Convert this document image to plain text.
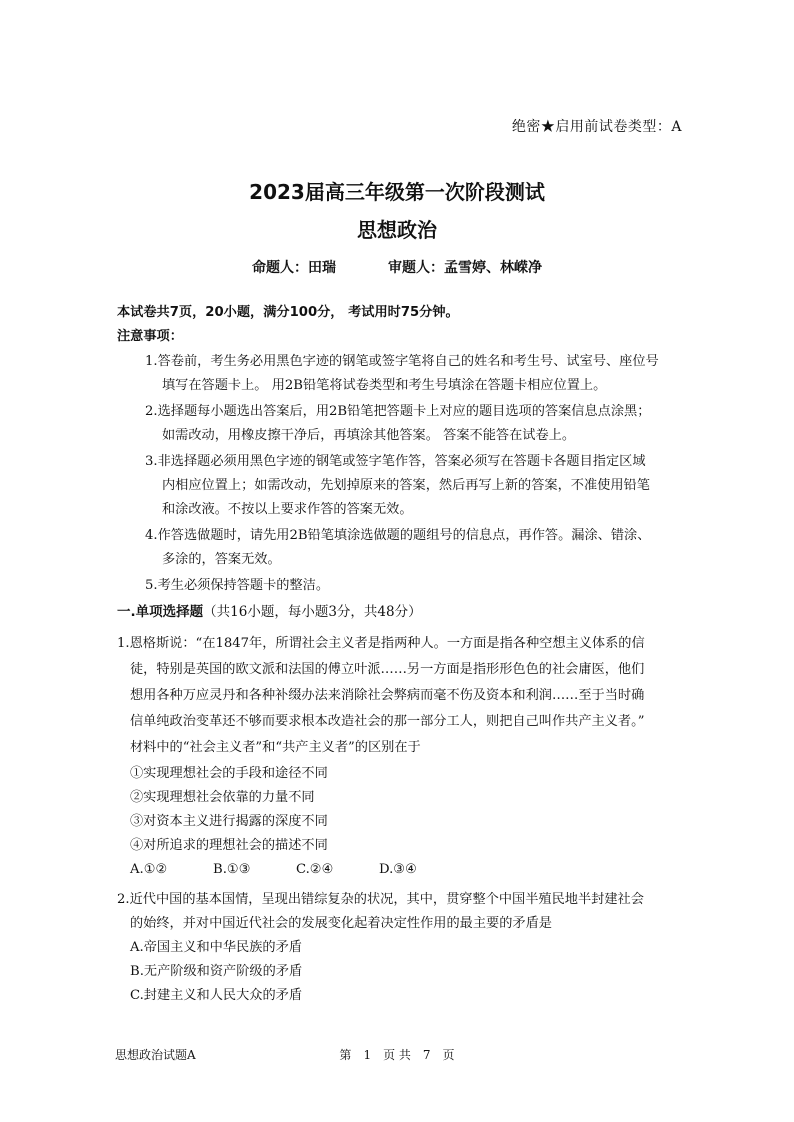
绝密★启用前试卷类型：A
2023届高三年级第一次阶段测试
思想政治
命题人：田瑞	审题人：孟雪婷、林嵘净
本试卷共7页，20小题，满分100分， 考试用时75分钟。
注意事项：
1.答卷前，考生务必用黑色字迹的钢笔或签字笔将自己的姓名和考生号、试室号、座位号
填写在答题卡上。 用2B铅笔将试卷类型和考生号填涂在答题卡相应位置上。
2.选择题每小题选出答案后，用2B铅笔把答题卡上对应的题目选项的答案信息点涂黑；
如需改动，用橡皮擦干净后，再填涂其他答案。 答案不能答在试卷上。
3.非选择题必须用黑色字迹的钢笔或签字笔作答，答案必须写在答题卡各题目指定区域
内相应位置上；如需改动，先划掉原来的答案，然后再写上新的答案，不准使用铅笔
和涂改液。不按以上要求作答的答案无效。
4.作答选做题时，请先用2B铅笔填涂选做题的题组号的信息点，再作答。漏涂、错涂、
多涂的，答案无效。
5.考生必须保持答题卡的整洁。
一.单项选择题（共16小题，每小题3分，共48分）
1.恩格斯说：“在1847年，所谓社会主义者是指两种人。一方面是指各种空想主义体系的信
徒，特别是英国的欧文派和法国的傅立叶派……另一方面是指形形色色的社会庸医，他们
想用各种万应灵丹和各种补缀办法来消除社会弊病而毫不伤及资本和利润……至于当时确
信单纯政治变革还不够而要求根本改造社会的那一部分工人，则把自己叫作共产主义者。”
材料中的“社会主义者”和“共产主义者”的区别在于
①实现理想社会的手段和途径不同
②实现理想社会依靠的力量不同
③对资本主义进行揭露的深度不同
④对所追求的理想社会的描述不同
A.①②	B.①③	C.②④	D.③④
2.近代中国的基本国情，呈现出错综复杂的状况，其中，贯穿整个中国半殖民地半封建社会
的始终，并对中国近代社会的发展变化起着决定性作用的最主要的矛盾是
A.帝国主义和中华民族的矛盾
B.无产阶级和资产阶级的矛盾
C.封建主义和人民大众的矛盾
思想政治试题A	第 1 页 共 7 页
